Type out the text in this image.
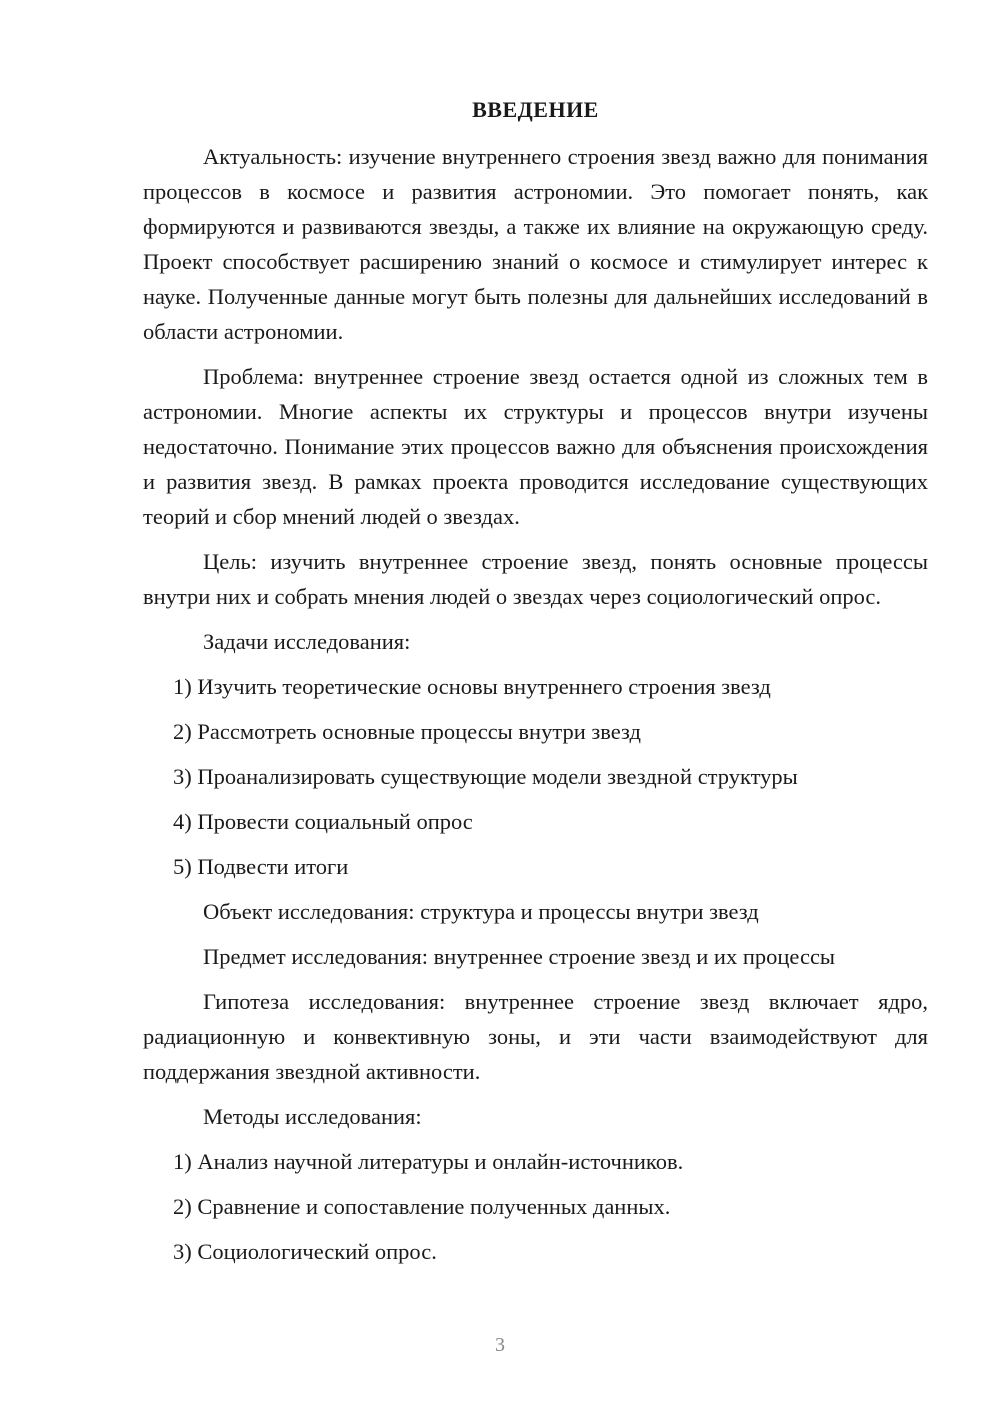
ВВЕДЕНИЕ

Актуальность: изучение внутреннего строения звезд важно для понимания процессов в космосе и развития астрономии. Это помогает понять, как формируются и развиваются звезды, а также их влияние на окружающую среду. Проект способствует расширению знаний о космосе и стимулирует интерес к науке. Полученные данные могут быть полезны для дальнейших исследований в области астрономии.

Проблема: внутреннее строение звезд остается одной из сложных тем в астрономии. Многие аспекты их структуры и процессов внутри изучены недостаточно. Понимание этих процессов важно для объяснения происхождения и развития звезд. В рамках проекта проводится исследование существующих теорий и сбор мнений людей о звездах.

Цель: изучить внутреннее строение звезд, понять основные процессы внутри них и собрать мнения людей о звездах через социологический опрос.

Задачи исследования:

1) Изучить теоретические основы внутреннего строения звезд
2) Рассмотреть основные процессы внутри звезд
3) Проанализировать существующие модели звездной структуры
4) Провести социальный опрос
5) Подвести итоги

Объект исследования: структура и процессы внутри звезд

Предмет исследования: внутреннее строение звезд и их процессы

Гипотеза исследования: внутреннее строение звезд включает ядро, радиационную и конвективную зоны, и эти части взаимодействуют для поддержания звездной активности.

Методы исследования:

1) Анализ научной литературы и онлайн-источников.
2) Сравнение и сопоставление полученных данных.
3) Социологический опрос.
3
